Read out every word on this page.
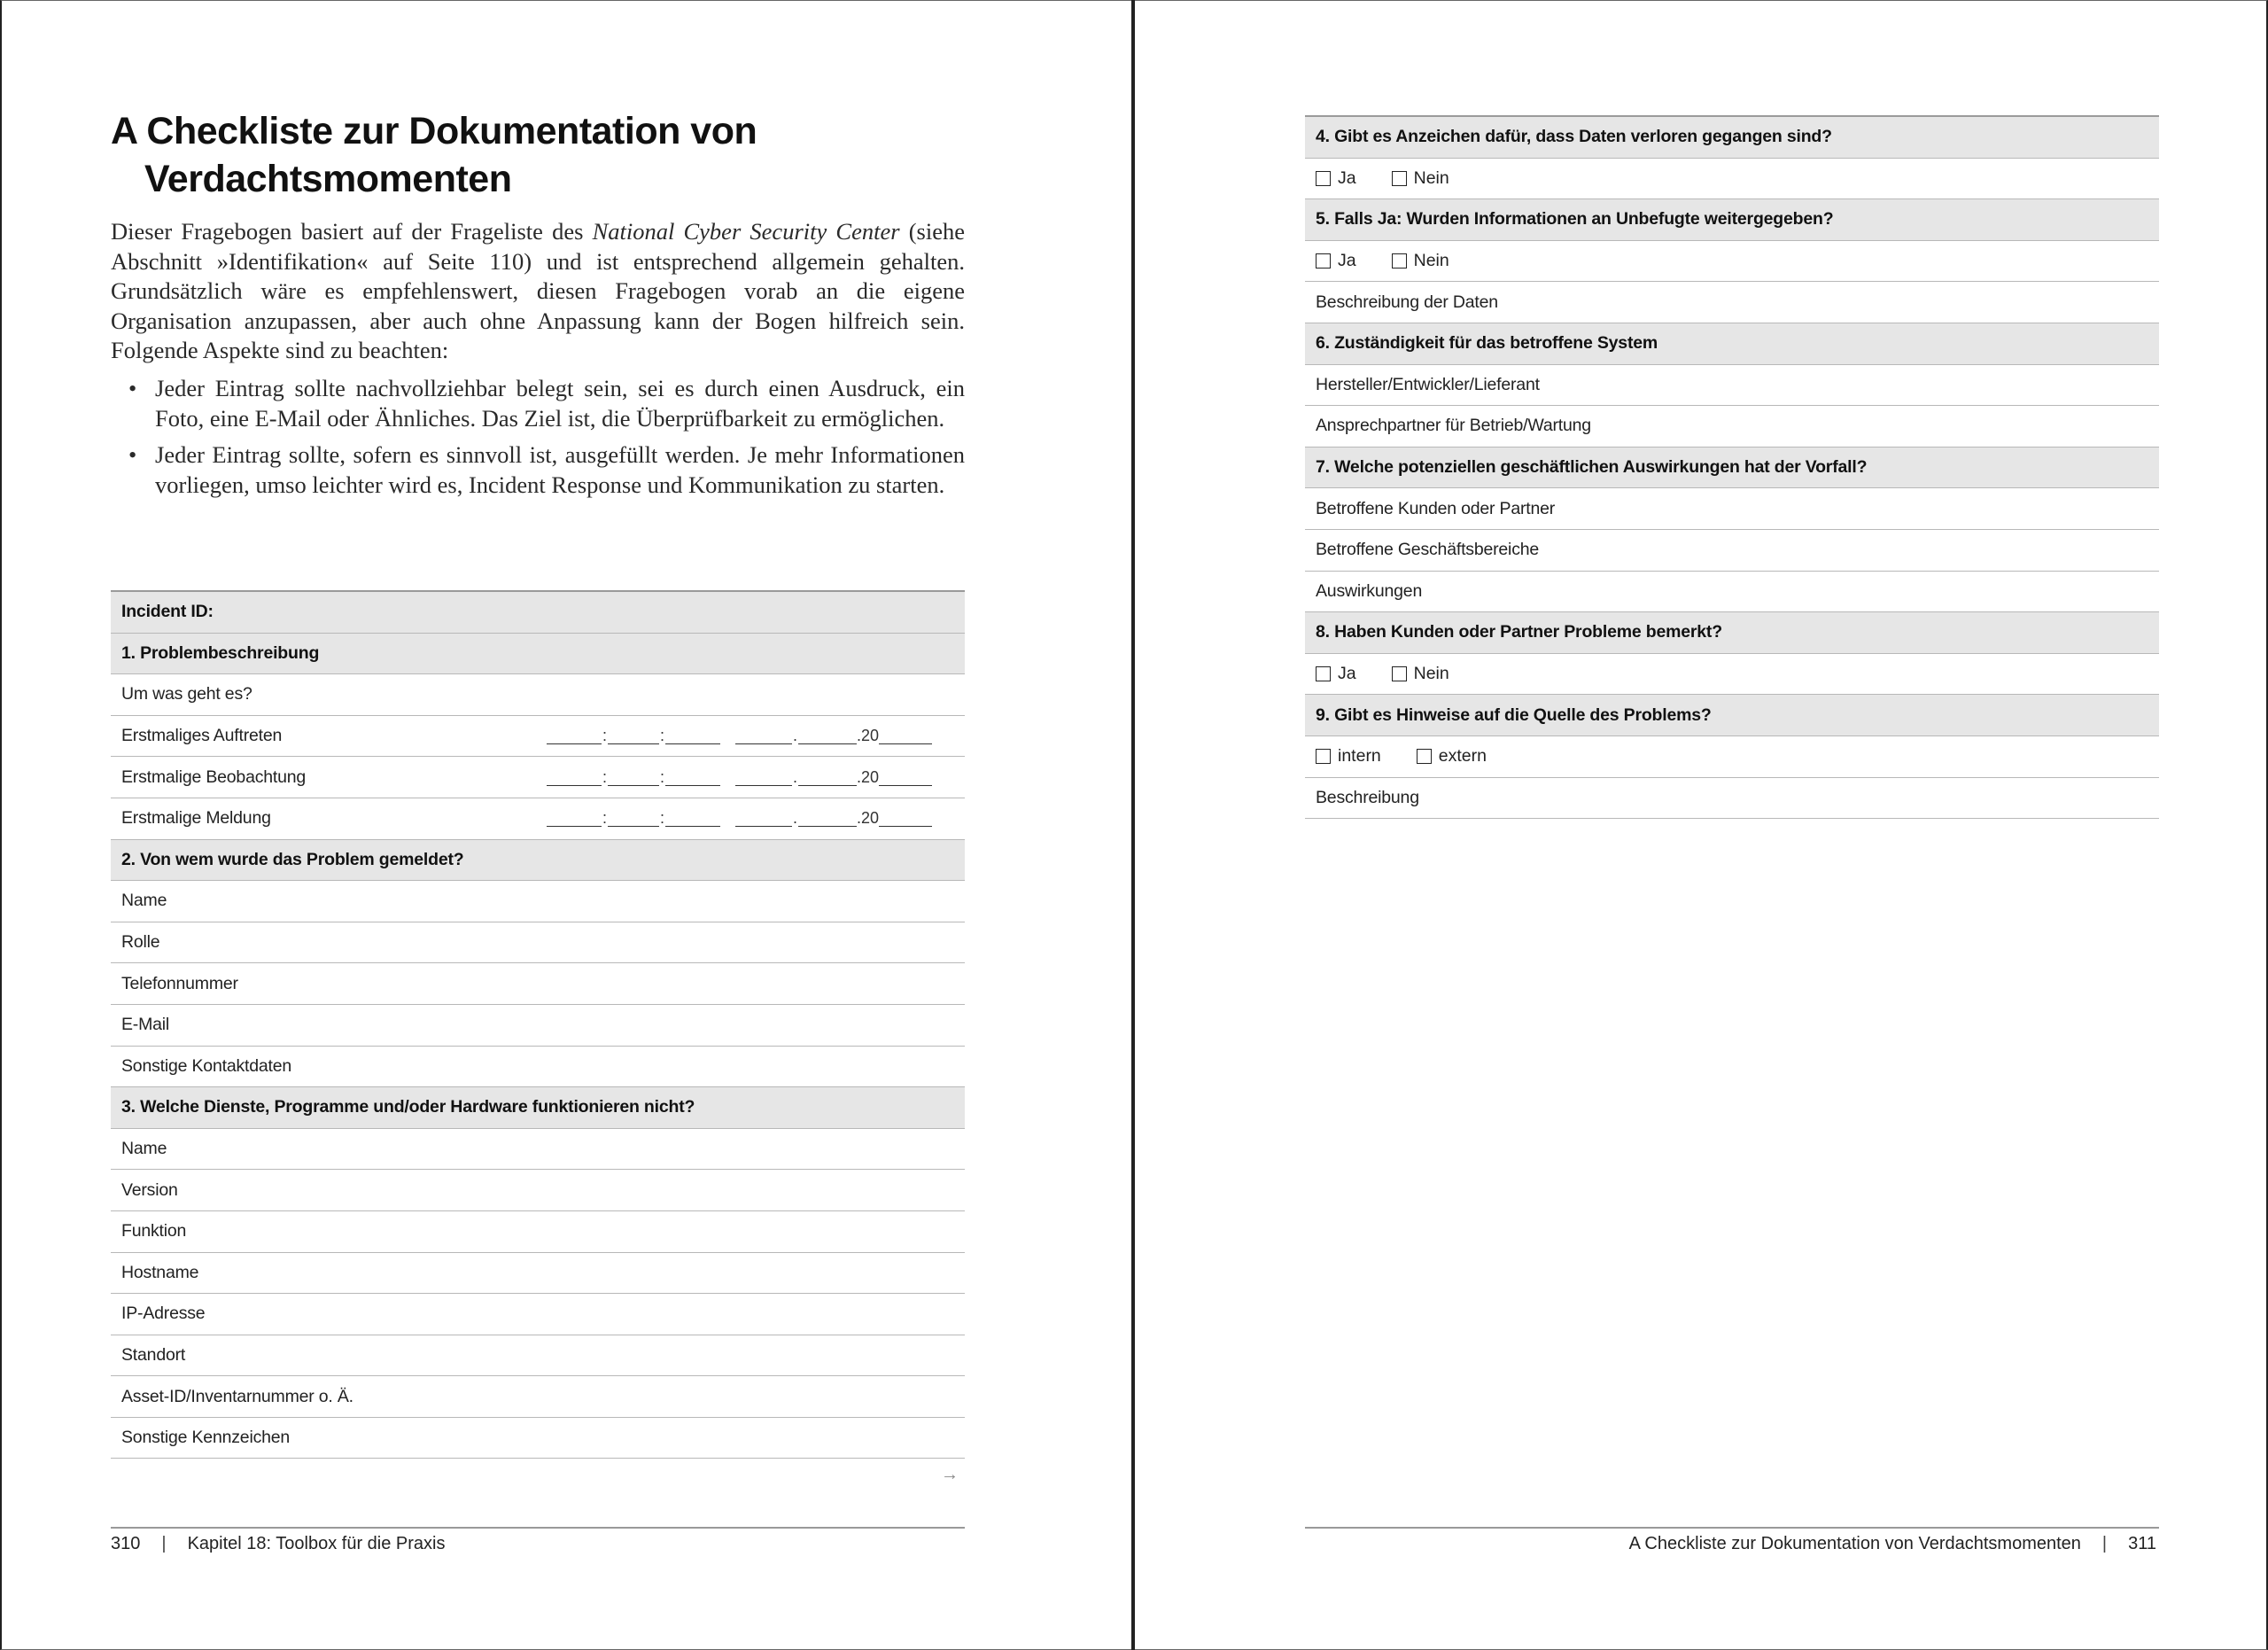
A Checkliste zur Dokumentation von
Verdachtsmomenten

Dieser Fragebogen basiert auf der Frageliste des National Cyber Security Center (siehe Abschnitt »Identifikation« auf Seite 110) und ist entsprechend allgemein gehalten. Grundsätzlich wäre es empfehlenswert, diesen Fragebogen vorab an die eigene Organisation anzupassen, aber auch ohne Anpassung kann der Bogen hilfreich sein. Folgende Aspekte sind zu beachten:

• Jeder Eintrag sollte nachvollziehbar belegt sein, sei es durch einen Ausdruck, ein Foto, eine E-Mail oder Ähnliches. Das Ziel ist, die Überprüfbarkeit zu ermöglichen.
• Jeder Eintrag sollte, sofern es sinnvoll ist, ausgefüllt werden. Je mehr Informationen vorliegen, umso leichter wird es, Incident Response und Kommunikation zu starten.
Incident ID:
1. Problembeschreibung
Um was geht es?
Erstmaliges Auftreten	:	:	.	.20
Erstmalige Beobachtung	:	:	.	.20
Erstmalige Meldung	:	:	.	.20
2. Von wem wurde das Problem gemeldet?
Name
Rolle
Telefonnummer
E-Mail
Sonstige Kontaktdaten
3. Welche Dienste, Programme und/oder Hardware funktionieren nicht?
Name
Version
Funktion
Hostname
IP-Adresse
Standort
Asset-ID/Inventarnummer o. Ä.
Sonstige Kennzeichen
→
310 | Kapitel 18: Toolbox für die Praxis
4. Gibt es Anzeichen dafür, dass Daten verloren gegangen sind?
Ja	Nein
5. Falls Ja: Wurden Informationen an Unbefugte weitergegeben?
Ja	Nein
Beschreibung der Daten
6. Zuständigkeit für das betroffene System
Hersteller/Entwickler/Lieferant
Ansprechpartner für Betrieb/Wartung
7. Welche potenziellen geschäftlichen Auswirkungen hat der Vorfall?
Betroffene Kunden oder Partner
Betroffene Geschäftsbereiche
Auswirkungen
8. Haben Kunden oder Partner Probleme bemerkt?
Ja	Nein
9. Gibt es Hinweise auf die Quelle des Problems?
intern	extern
Beschreibung
A Checkliste zur Dokumentation von Verdachtsmomenten | 311
